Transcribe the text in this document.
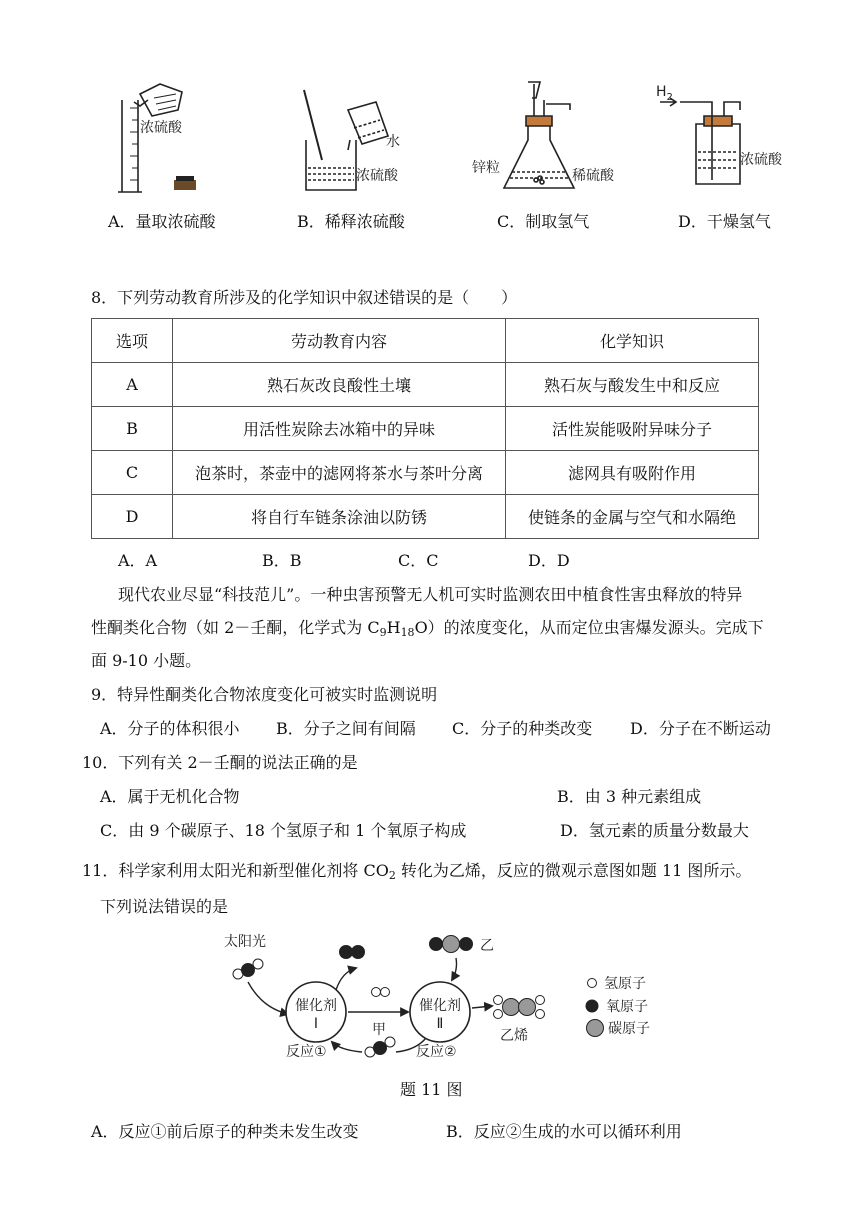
浓硫酸
水
浓硫酸	锌粒	稀硫酸
$H_2$
浓硫酸
A．量取浓硫酸	B．稀释浓硫酸	C．制取氢气	D．干燥氢气
8．下列劳动教育所涉及的化学知识中叙述错误的是（　　）
选项	劳动教育内容	化学知识
A	熟石灰改良酸性土壤	熟石灰与酸发生中和反应
B	用活性炭除去冰箱中的异味	活性炭能吸附异味分子
C	泡茶时，茶壶中的滤网将茶水与茶叶分离	滤网具有吸附作用
D	将自行车链条涂油以防锈	使链条的金属与空气和水隔绝
A．A	B．B	C．C	D．D
现代农业尽显“科技范儿”。一种虫害预警无人机可实时监测农田中植食性害虫释放的特异
性酮类化合物（如 2－壬酮，化学式为 $C_9H_{18}O$）的浓度变化，从而定位虫害爆发源头。完成下
面 9-10 小题。
9．特异性酮类化合物浓度变化可被实时监测说明
A．分子的体积很小 B．分子之间有间隔 C．分子的种类改变 D．分子在不断运动
10．下列有关 2－壬酮的说法正确的是
A．属于无机化合物	B．由 3 种元素组成
C．由 9 个碳原子、18 个氢原子和 1 个氧原子构成	D．氢元素的质量分数最大
11．科学家利用太阳光和新型催化剂将 $CO_2$ 转化为乙烯，反应的微观示意图如题 11 图所示。
下列说法错误的是
太阳光
催化剂
I	甲
催化剂
Ⅱ
乙
乙烯
反应①	反应②
氢原子
氧原子
碳原子
题 11 图
A．反应①前后原子的种类未发生改变	B．反应②生成的水可以循环利用
